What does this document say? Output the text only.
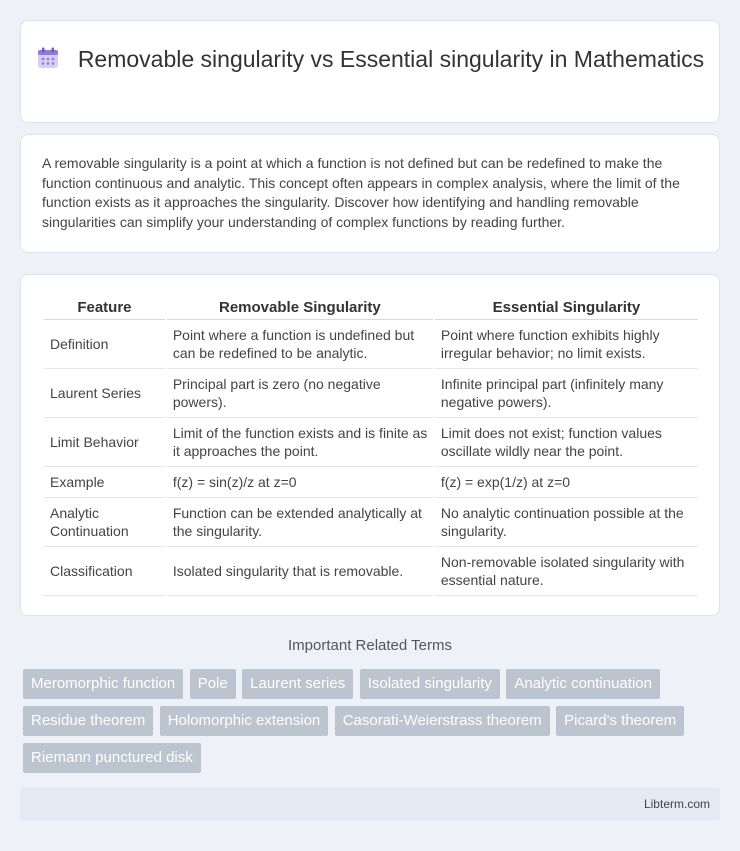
Removable singularity vs Essential singularity in Mathematics

A removable singularity is a point at which a function is not defined but can be redefined to make the function continuous and analytic. This concept often appears in complex analysis, where the limit of the function exists as it approaches the singularity. Discover how identifying and handling removable singularities can simplify your understanding of complex functions by reading further.

Feature	Removable Singularity	Essential Singularity
Definition	Point where a function is undefined but can be redefined to be analytic.	Point where function exhibits highly irregular behavior; no limit exists.
Laurent Series	Principal part is zero (no negative powers).	Infinite principal part (infinitely many negative powers).
Limit Behavior	Limit of the function exists and is finite as it approaches the point.	Limit does not exist; function values oscillate wildly near the point.
Example	f(z) = sin(z)/z at z=0	f(z) = exp(1/z) at z=0
Analytic Continuation	Function can be extended analytically at the singularity.	No analytic continuation possible at the singularity.
Classification	Isolated singularity that is removable.	Non-removable isolated singularity with essential nature.
Important Related Terms
Meromorphic function Pole Laurent series Isolated singularity Analytic continuation Residue theorem Holomorphic extension Casorati-Weierstrass theorem Picard's theorem Riemann punctured disk
Libterm.com
